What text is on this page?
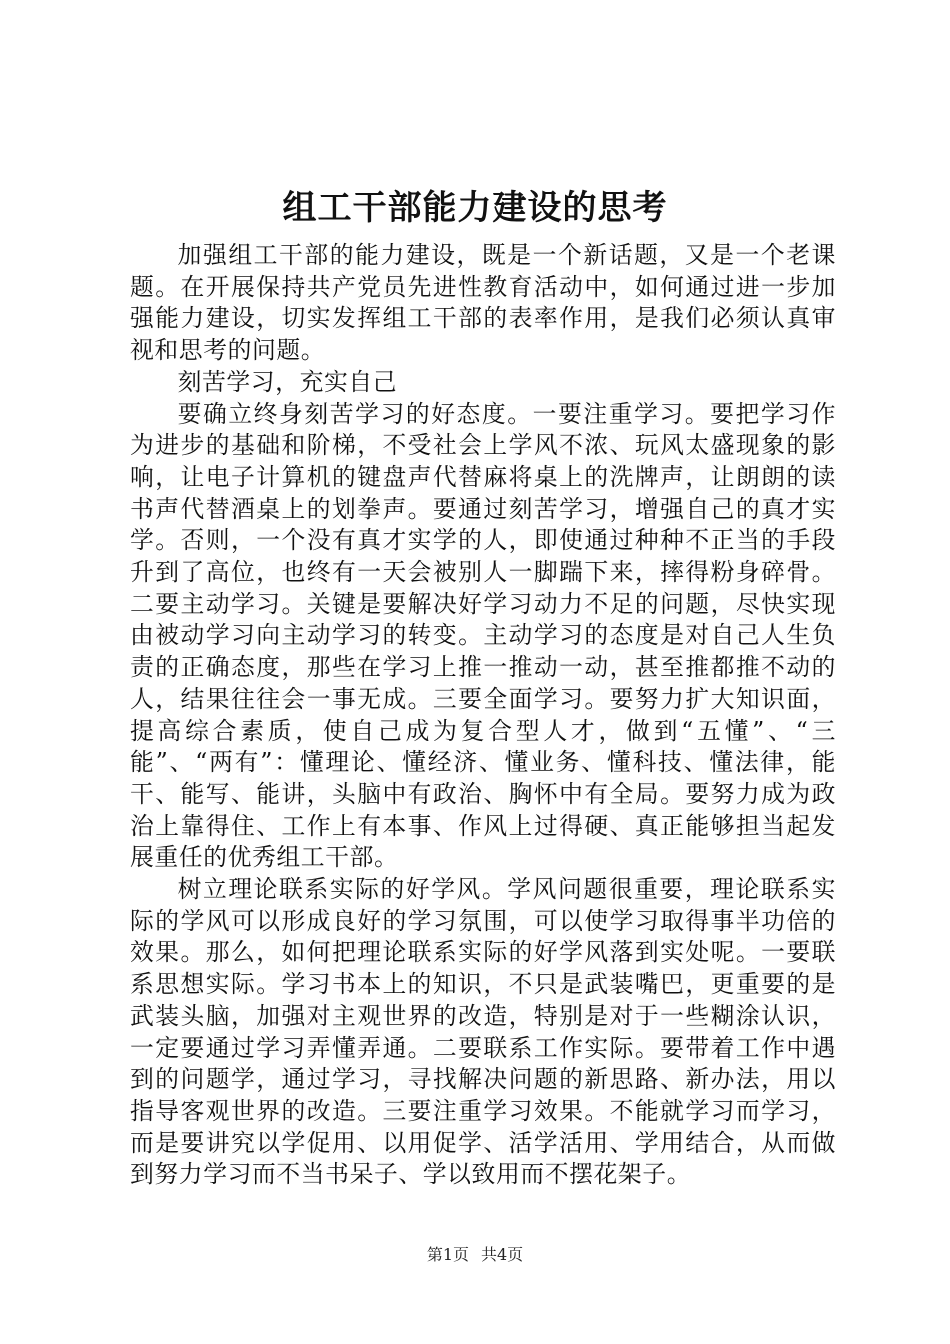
组工干部能力建设的思考

加强组工干部的能力建设，既是一个新话题，又是一个老课题。在开展保持共产党员先进性教育活动中，如何通过进一步加强能力建设，切实发挥组工干部的表率作用，是我们必须认真审视和思考的问题。

刻苦学习，充实自己

要确立终身刻苦学习的好态度。一要注重学习。要把学习作为进步的基础和阶梯，不受社会上学风不浓、玩风太盛现象的影响，让电子计算机的键盘声代替麻将桌上的洗牌声，让朗朗的读书声代替酒桌上的划拳声。要通过刻苦学习，增强自己的真才实学。否则，一个没有真才实学的人，即使通过种种不正当的手段升到了高位，也终有一天会被别人一脚踹下来，摔得粉身碎骨。二要主动学习。关键是要解决好学习动力不足的问题，尽快实现由被动学习向主动学习的转变。主动学习的态度是对自己人生负责的正确态度，那些在学习上推一推动一动，甚至推都推不动的人，结果往往会一事无成。三要全面学习。要努力扩大知识面，提高综合素质，使自己成为复合型人才，做到“五懂”、“三能”、“两有”：懂理论、懂经济、懂业务、懂科技、懂法律，能干、能写、能讲，头脑中有政治、胸怀中有全局。要努力成为政治上靠得住、工作上有本事、作风上过得硬、真正能够担当起发展重任的优秀组工干部。

树立理论联系实际的好学风。学风问题很重要，理论联系实际的学风可以形成良好的学习氛围，可以使学习取得事半功倍的效果。那么，如何把理论联系实际的好学风落到实处呢。一要联系思想实际。学习书本上的知识，不只是武装嘴巴，更重要的是武装头脑，加强对主观世界的改造，特别是对于一些糊涂认识，一定要通过学习弄懂弄通。二要联系工作实际。要带着工作中遇到的问题学，通过学习，寻找解决问题的新思路、新办法，用以指导客观世界的改造。三要注重学习效果。不能就学习而学习，而是要讲究以学促用、以用促学、活学活用、学用结合，从而做到努力学习而不当书呆子、学以致用而不摆花架子。

第1页 共4页
